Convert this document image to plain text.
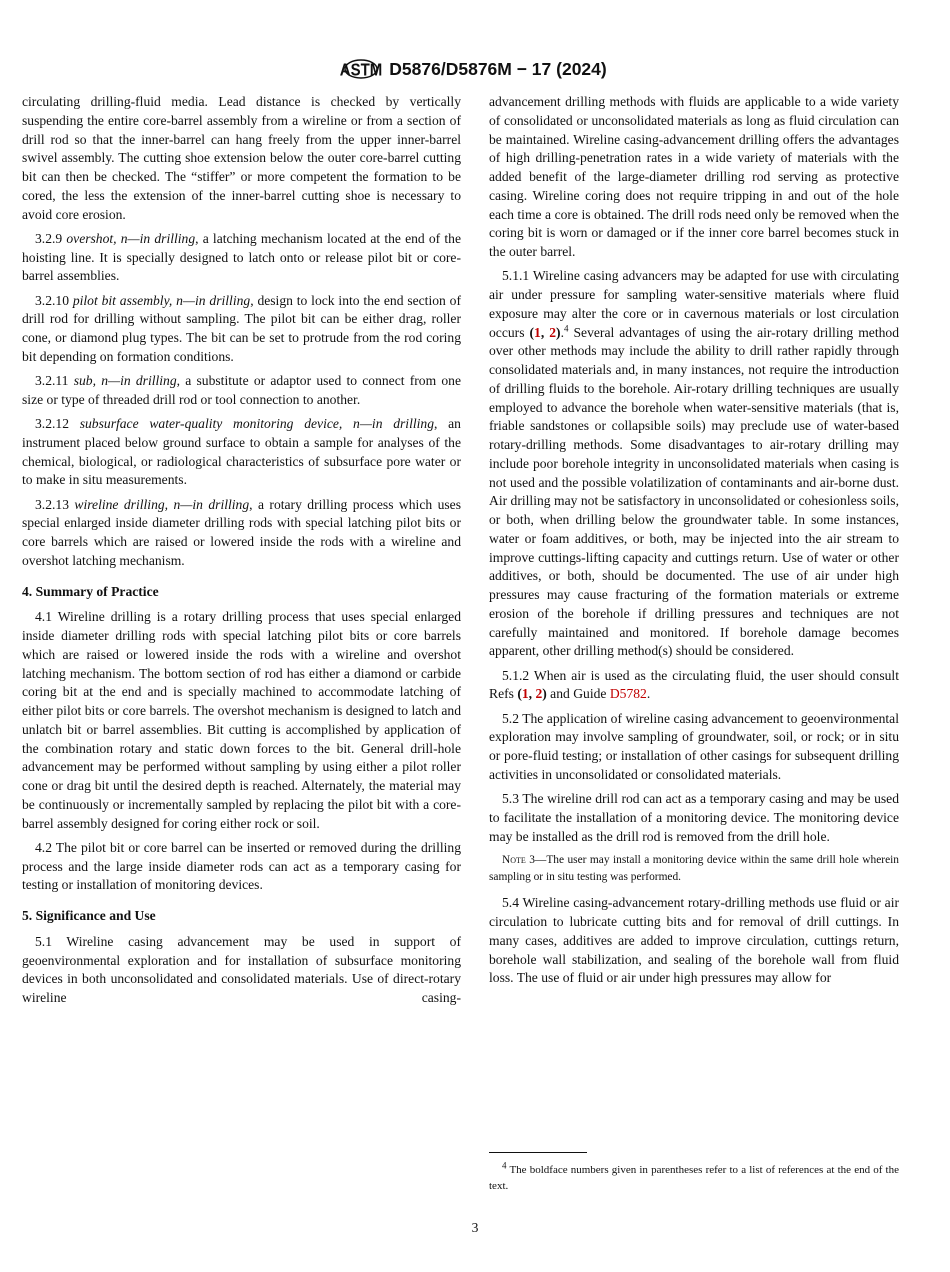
ASTM D5876/D5876M − 17 (2024)
circulating drilling-fluid media. Lead distance is checked by vertically suspending the entire core-barrel assembly from a wireline or from a section of drill rod so that the inner-barrel can hang freely from the upper inner-barrel swivel assembly. The cutting shoe extension below the outer core-barrel cutting bit can then be checked. The “stiffer” or more competent the formation to be cored, the less the extension of the inner-barrel cutting shoe is necessary to avoid core erosion.
3.2.9 overshot, n—in drilling, a latching mechanism located at the end of the hoisting line. It is specially designed to latch onto or release pilot bit or core-barrel assemblies.
3.2.10 pilot bit assembly, n—in drilling, design to lock into the end section of drill rod for drilling without sampling. The pilot bit can be either drag, roller cone, or diamond plug types. The bit can be set to protrude from the rod coring bit depending on formation conditions.
3.2.11 sub, n—in drilling, a substitute or adaptor used to connect from one size or type of threaded drill rod or tool connection to another.
3.2.12 subsurface water-quality monitoring device, n—in drilling, an instrument placed below ground surface to obtain a sample for analyses of the chemical, biological, or radiological characteristics of subsurface pore water or to make in situ measurements.
3.2.13 wireline drilling, n—in drilling, a rotary drilling process which uses special enlarged inside diameter drilling rods with special latching pilot bits or core barrels which are raised or lowered inside the rods with a wireline and overshot latching mechanism.
4. Summary of Practice
4.1 Wireline drilling is a rotary drilling process that uses special enlarged inside diameter drilling rods with special latching pilot bits or core barrels which are raised or lowered inside the rods with a wireline and overshot latching mechanism. The bottom section of rod has either a diamond or carbide coring bit at the end and is specially machined to accommodate latching of either pilot bits or core barrels. The overshot mechanism is designed to latch and unlatch bit or barrel assemblies. Bit cutting is accomplished by application of the combination rotary and static down forces to the bit. General drill-hole advancement may be performed without sampling by using either a pilot roller cone or drag bit until the desired depth is reached. Alternately, the material may be continuously or incrementally sampled by replacing the pilot bit with a core-barrel assembly designed for coring either rock or soil.
4.2 The pilot bit or core barrel can be inserted or removed during the drilling process and the large inside diameter rods can act as a temporary casing for testing or installation of monitoring devices.
5. Significance and Use
5.1 Wireline casing advancement may be used in support of geoenvironmental exploration and for installation of subsurface monitoring devices in both unconsolidated and consolidated materials. Use of direct-rotary wireline casing-
advancement drilling methods with fluids are applicable to a wide variety of consolidated or unconsolidated materials as long as fluid circulation can be maintained. Wireline casing-advancement drilling offers the advantages of high drilling-penetration rates in a wide variety of materials with the added benefit of the large-diameter drilling rod serving as protective casing. Wireline coring does not require tripping in and out of the hole each time a core is obtained. The drill rods need only be removed when the coring bit is worn or damaged or if the inner core barrel becomes stuck in the outer barrel.
5.1.1 Wireline casing advancers may be adapted for use with circulating air under pressure for sampling water-sensitive materials where fluid exposure may alter the core or in cavernous materials or lost circulation occurs (1, 2).$^4$ Several advantages of using the air-rotary drilling method over other methods may include the ability to drill rather rapidly through consolidated materials and, in many instances, not require the introduction of drilling fluids to the borehole. Air-rotary drilling techniques are usually employed to advance the borehole when water-sensitive materials (that is, friable sandstones or collapsible soils) may preclude use of water-based rotary-drilling methods. Some disadvantages to air-rotary drilling may include poor borehole integrity in unconsolidated materials when casing is not used and the possible volatilization of contaminants and air-borne dust. Air drilling may not be satisfactory in unconsolidated or cohesionless soils, or both, when drilling below the groundwater table. In some instances, water or foam additives, or both, may be injected into the air stream to improve cuttings-lifting capacity and cuttings return. Use of water or other additives, or both, should be documented. The use of air under high pressures may cause fracturing of the formation materials or extreme erosion of the borehole if drilling pressures and techniques are not carefully maintained and monitored. If borehole damage becomes apparent, other drilling method(s) should be considered.
5.1.2 When air is used as the circulating fluid, the user should consult Refs (1, 2) and Guide D5782.
5.2 The application of wireline casing advancement to geoenvironmental exploration may involve sampling of groundwater, soil, or rock; or in situ or pore-fluid testing; or installation of other casings for subsequent drilling activities in unconsolidated or consolidated materials.
5.3 The wireline drill rod can act as a temporary casing and may be used to facilitate the installation of a monitoring device. The monitoring device may be installed as the drill rod is removed from the drill hole.
Note 3—The user may install a monitoring device within the same drill hole wherein sampling or in situ testing was performed.
5.4 Wireline casing-advancement rotary-drilling methods use fluid or air circulation to lubricate cutting bits and for removal of drill cuttings. In many cases, additives are added to improve circulation, cuttings return, borehole wall stabilization, and sealing of the borehole wall from fluid loss. The use of fluid or air under high pressures may allow for
$^4$ The boldface numbers given in parentheses refer to a list of references at the end of the text.
3
